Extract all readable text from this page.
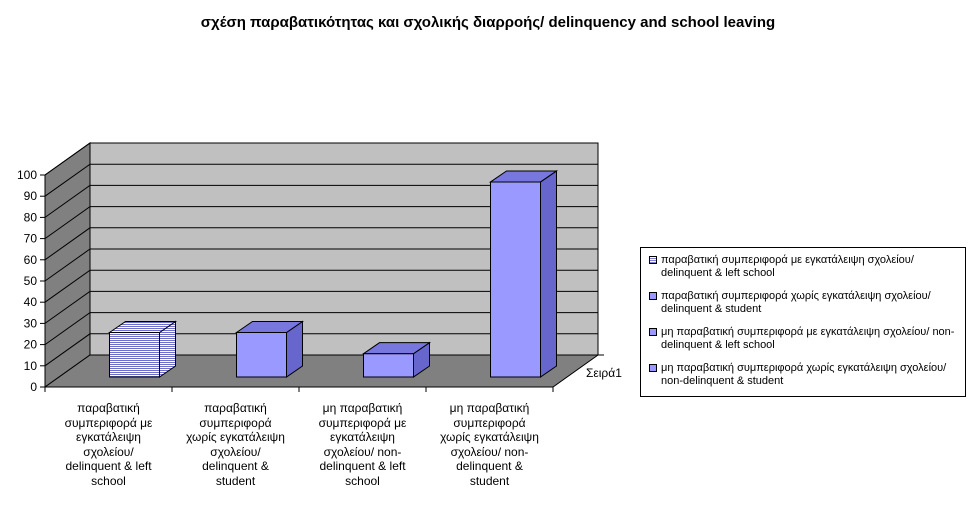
σχέση παραβατικότητας και σχολικής διαρροής/ delinquency and school leaving
0
10
20
30
40
50
60
70
80
90
100
παραβατική
συμπεριφορά με
εγκατάλειψη
σχολείου/
delinquent & left
school
παραβατική
συμπεριφορά
χωρίς εγκατάλειψη
σχολείου/
delinquent &
student
μη παραβατική
συμπεριφορά με
εγκατάλειψη
σχολείου/ non-
delinquent & left
school
μη παραβατική
συμπεριφορά
χωρίς εγκατάλειψη
σχολείου/ non-
delinquent &
student
Σειρά1
παραβατική συμπεριφορά με εγκατάλειψη σχολείου/ delinquent & left school
παραβατική συμπεριφορά χωρίς εγκατάλειψη σχολείου/ delinquent & student
μη παραβατική συμπεριφορά με εγκατάλειψη σχολείου/ non-delinquent & left school
μη παραβατική συμπεριφορά χωρίς εγκατάλειψη σχολείου/ non-delinquent & student
